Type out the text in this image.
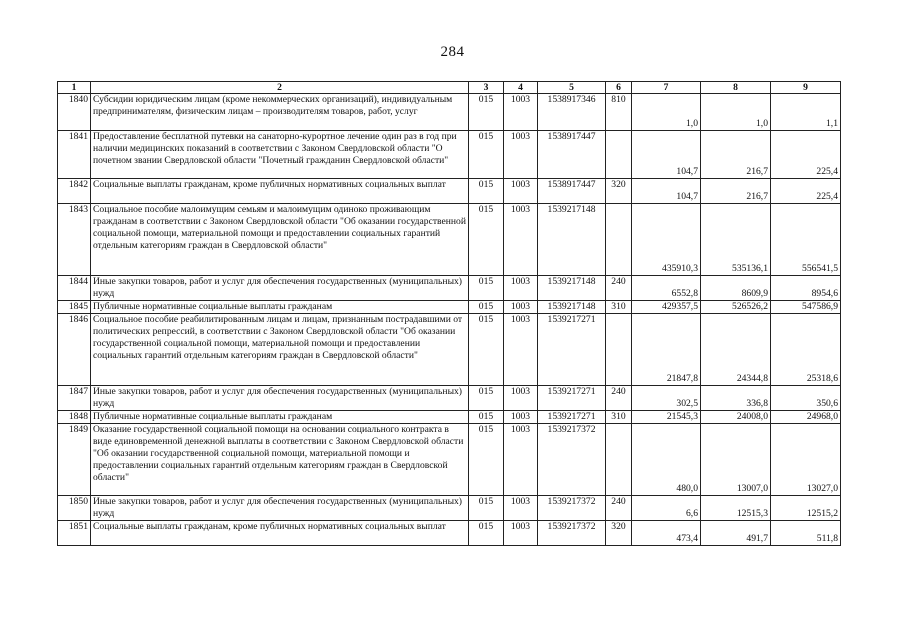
284
1	2	3	4	5	6	7	8	9
1840	Субсидии юридическим лицам (кроме некоммерческих организаций), индивидуальным предпринимателям, физическим лицам – производителям товаров, работ, услуг	015	1003	1538917346	810	1,0	1,0	1,1
1841	Предоставление бесплатной путевки на санаторно-курортное лечение один раз в год при наличии медицинских показаний в соответствии с Законом Свердловской области "О почетном звании Свердловской области "Почетный гражданин Свердловской области"	015	1003	1538917447		104,7	216,7	225,4
1842	Социальные выплаты гражданам, кроме публичных нормативных социальных выплат	015	1003	1538917447	320	104,7	216,7	225,4
1843	Социальное пособие малоимущим семьям и малоимущим одиноко проживающим гражданам в соответствии с Законом Свердловской области "Об оказании государственной социальной помощи, материальной помощи и предоставлении социальных гарантий отдельным категориям граждан в Свердловской области"	015	1003	1539217148		435910,3	535136,1	556541,5
1844	Иные закупки товаров, работ и услуг для обеспечения государственных (муниципальных) нужд	015	1003	1539217148	240	6552,8	8609,9	8954,6
1845	Публичные нормативные социальные выплаты гражданам	015	1003	1539217148	310	429357,5	526526,2	547586,9
1846	Социальное пособие реабилитированным лицам и лицам, признанным пострадавшими от политических репрессий, в соответствии с Законом Свердловской области "Об оказании государственной социальной помощи, материальной помощи и предоставлении социальных гарантий отдельным категориям граждан в Свердловской области"	015	1003	1539217271		21847,8	24344,8	25318,6
1847	Иные закупки товаров, работ и услуг для обеспечения государственных (муниципальных) нужд	015	1003	1539217271	240	302,5	336,8	350,6
1848	Публичные нормативные социальные выплаты гражданам	015	1003	1539217271	310	21545,3	24008,0	24968,0
1849	Оказание государственной социальной помощи на основании социального контракта в виде единовременной денежной выплаты в соответствии с Законом Свердловской области "Об оказании государственной социальной помощи, материальной помощи и предоставлении социальных гарантий отдельным категориям граждан в Свердловской области"	015	1003	1539217372		480,0	13007,0	13027,0
1850	Иные закупки товаров, работ и услуг для обеспечения государственных (муниципальных) нужд	015	1003	1539217372	240	6,6	12515,3	12515,2
1851	Социальные выплаты гражданам, кроме публичных нормативных социальных выплат	015	1003	1539217372	320	473,4	491,7	511,8
